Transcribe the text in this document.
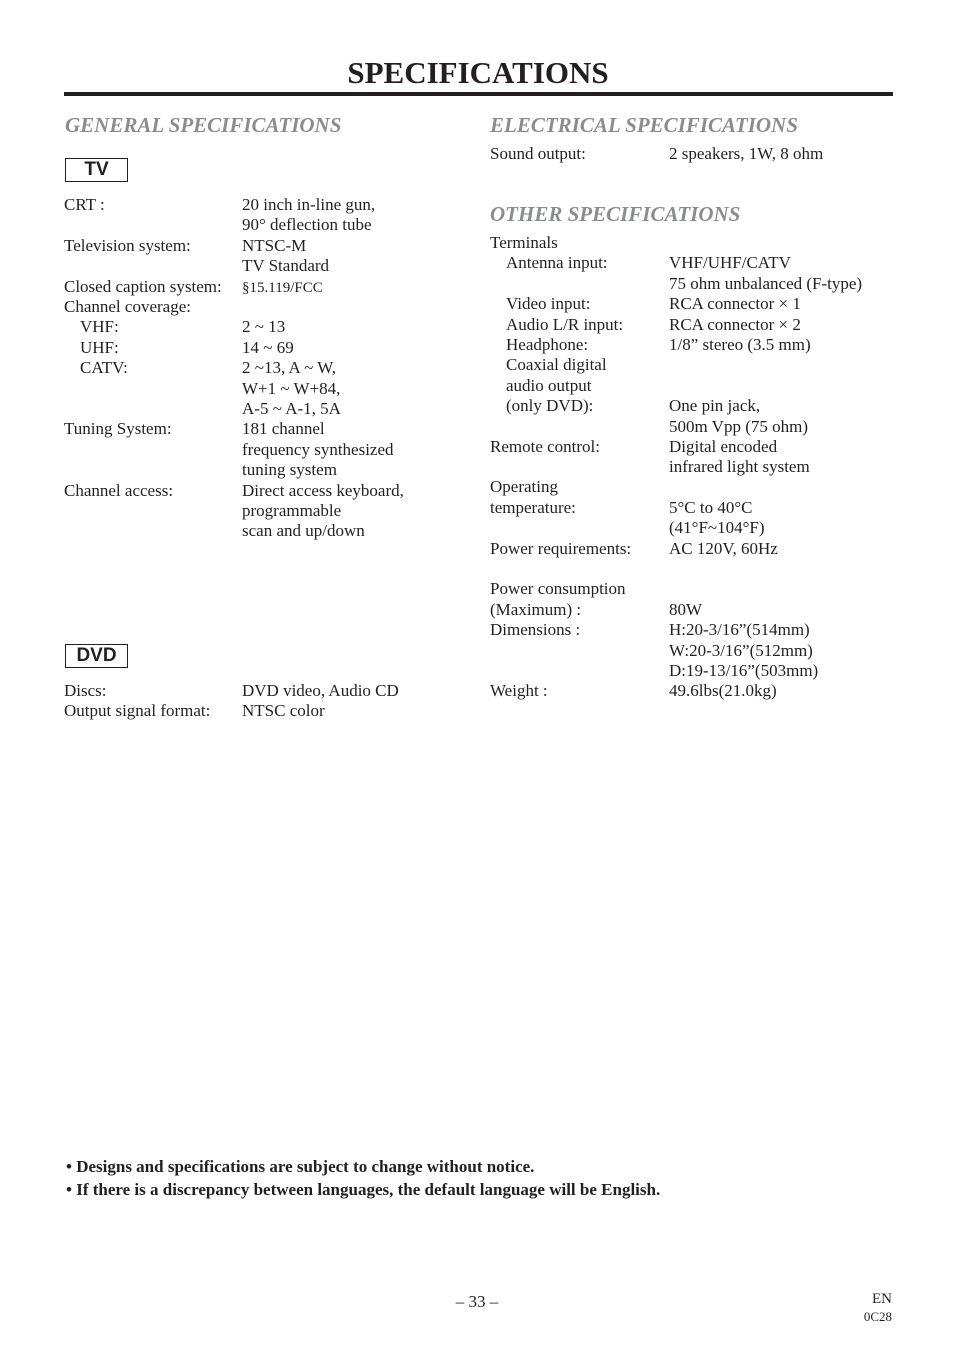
SPECIFICATIONS
GENERAL SPECIFICATIONS
TV
CRT :	20 inch in-line gun,
90° deflection tube
Television system:	NTSC-M
TV Standard
Closed caption system: §15.119/FCC
Channel coverage:
VHF:	2 ~ 13
UHF:	14 ~ 69
CATV:	2 ~13, A ~ W,
W+1 ~ W+84,
A-5 ~ A-1, 5A
Tuning System:	181 channel
frequency synthesized
tuning system
Channel access:	Direct access keyboard,
programmable
scan and up/down
DVD
Discs:	DVD video, Audio CD
Output signal format: NTSC color
ELECTRICAL SPECIFICATIONS
Sound output:	2 speakers, 1W, 8 ohm
OTHER SPECIFICATIONS
Terminals
Antenna input:	VHF/UHF/CATV
75 ohm unbalanced (F-type)
Video input:	RCA connector × 1
Audio L/R input:	RCA connector × 2
Headphone:	1/8” stereo (3.5 mm)
Coaxial digital
audio output
(only DVD):	One pin jack,
500m Vpp (75 ohm)
Remote control:	Digital encoded
infrared light system
Operating
temperature:	5°C to 40°C
(41°F~104°F)
Power requirements: AC 120V, 60Hz
Power consumption
(Maximum) :	80W
Dimensions :	H:20-3/16”(514mm)
W:20-3/16”(512mm)
D:19-13/16”(503mm)
Weight :	49.6lbs(21.0kg)
• Designs and specifications are subject to change without notice.
• If there is a discrepancy between languages, the default language will be English.
– 33 –	EN
0C28
